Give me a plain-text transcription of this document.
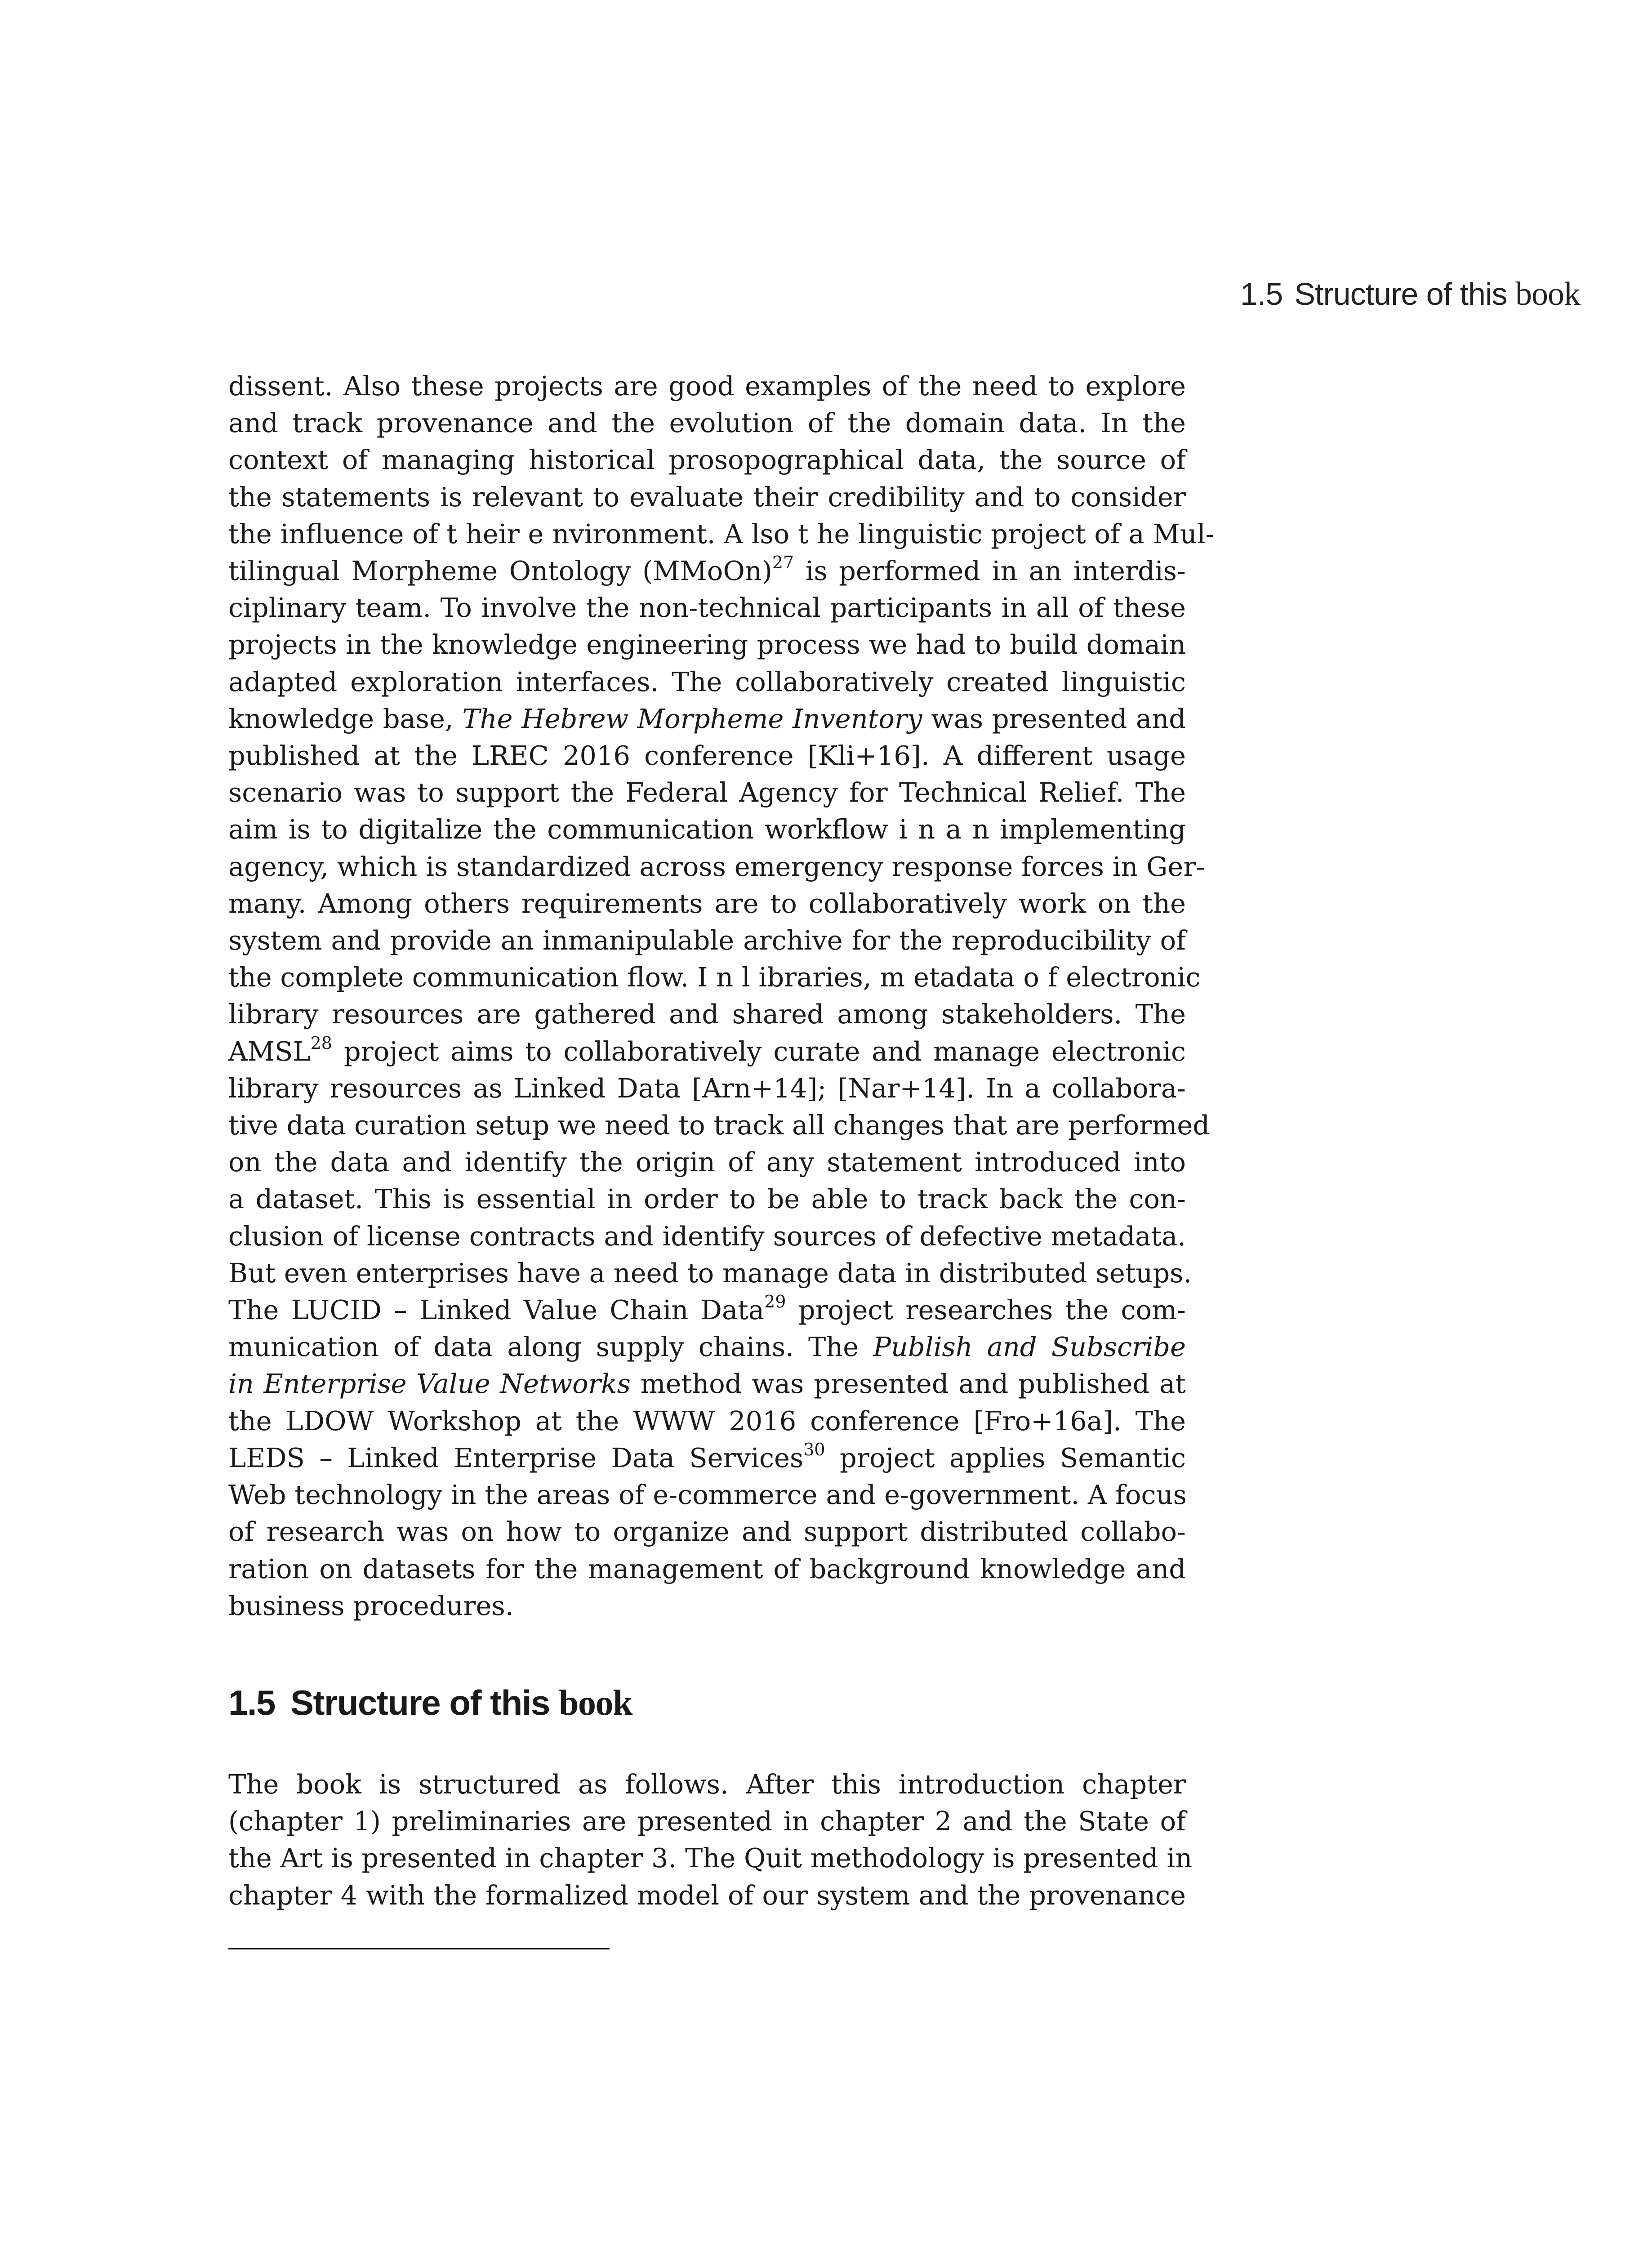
1.5 Structure of this book
dissent. Also these projects are good examples of the need to explore
and track provenance and the evolution of the domain data. In the
context of managing historical prosopographical data, the source of
the statements is relevant to evaluate their credibility and to consider
the influence of t heir e nvironment. A lso t he linguistic project of a Mul-
tilingual Morpheme Ontology (MMoOn)$^{27}$ is performed in an interdis-
ciplinary team. To involve the non-technical participants in all of these
projects in the knowledge engineering process we had to build domain
adapted exploration interfaces. The collaboratively created linguistic
knowledge base, The Hebrew Morpheme Inventory was presented and
published at the LREC 2016 conference [Kli+16]. A different usage
scenario was to support the Federal Agency for Technical Relief. The
aim is to digitalize the communication workflow i n a n implementing
agency, which is standardized across emergency response forces in Ger-
many. Among others requirements are to collaboratively work on the
system and provide an inmanipulable archive for the reproducibility of
the complete communication flow. I n l ibraries, m etadata o f electronic
library resources are gathered and shared among stakeholders. The
AMSL$^{28}$ project aims to collaboratively curate and manage electronic
library resources as Linked Data [Arn+14]; [Nar+14]. In a collabora-
tive data curation setup we need to track all changes that are performed
on the data and identify the origin of any statement introduced into
a dataset. This is essential in order to be able to track back the con-
clusion of license contracts and identify sources of defective metadata.
But even enterprises have a need to manage data in distributed setups.
The LUCID – Linked Value Chain Data$^{29}$ project researches the com-
munication of data along supply chains. The Publish and Subscribe
in Enterprise Value Networks method was presented and published at
the LDOW Workshop at the WWW 2016 conference [Fro+16a]. The
LEDS – Linked Enterprise Data Services$^{30}$ project applies Semantic
Web technology in the areas of e-commerce and e-government. A focus
of research was on how to organize and support distributed collabo-
ration on datasets for the management of background knowledge and
business procedures.
1.5 Structure of this book
The book is structured as follows. After this introduction chapter
(chapter 1) preliminaries are presented in chapter 2 and the State of
the Art is presented in chapter 3. The Quit methodology is presented in
chapter 4 with the formalized model of our system and the provenance
